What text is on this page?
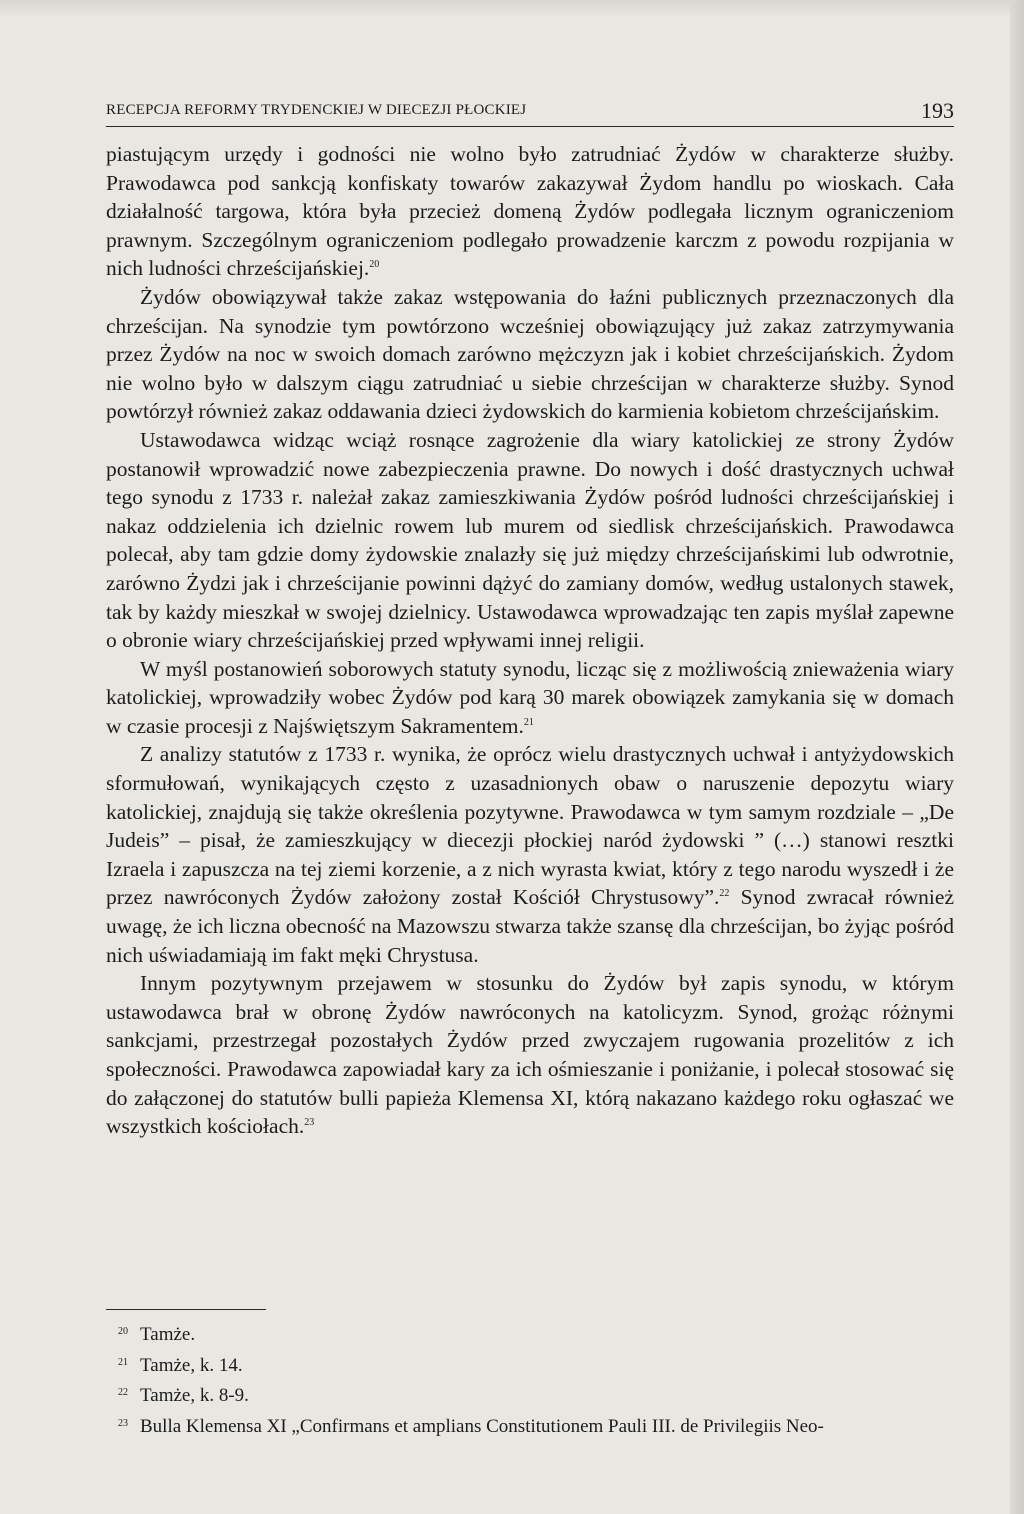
RECEPCJA REFORMY TRYDENCKIEJ W DIECEZJI PŁOCKIEJ	193

piastującym urzędy i godności nie wolno było zatrudniać Żydów w charakterze służby. Prawodawca pod sankcją konfiskaty towarów zakazywał Żydom handlu po wioskach. Cała działalność targowa, która była przecież domeną Żydów podlegała licznym ograniczeniom prawnym. Szczególnym ograniczeniom podlegało prowadzenie karczm z powodu rozpijania w nich ludności chrześcijańskiej.$^{20}$

Żydów obowiązywał także zakaz wstępowania do łaźni publicznych przeznaczonych dla chrześcijan. Na synodzie tym powtórzono wcześniej obowiązujący już zakaz zatrzymywania przez Żydów na noc w swoich domach zarówno mężczyzn jak i kobiet chrześcijańskich. Żydom nie wolno było w dalszym ciągu zatrudniać u siebie chrześcijan w charakterze służby. Synod powtórzył również zakaz oddawania dzieci żydowskich do karmienia kobietom chrześcijańskim.

Ustawodawca widząc wciąż rosnące zagrożenie dla wiary katolickiej ze strony Żydów postanowił wprowadzić nowe zabezpieczenia prawne. Do nowych i dość drastycznych uchwał tego synodu z 1733 r. należał zakaz zamieszkiwania Żydów pośród ludności chrześcijańskiej i nakaz oddzielenia ich dzielnic rowem lub murem od siedlisk chrześcijańskich. Prawodawca polecał, aby tam gdzie domy żydowskie znalazły się już między chrześcijańskimi lub odwrotnie, zarówno Żydzi jak i chrześcijanie powinni dążyć do zamiany domów, według ustalonych stawek, tak by każdy mieszkał w swojej dzielnicy. Ustawodawca wprowadzając ten zapis myślał zapewne o obronie wiary chrześcijańskiej przed wpływami innej religii.

W myśl postanowień soborowych statuty synodu, licząc się z możliwością znieważenia wiary katolickiej, wprowadziły wobec Żydów pod karą 30 marek obowiązek zamykania się w domach w czasie procesji z Najświętszym Sakramentem.$^{21}$

Z analizy statutów z 1733 r. wynika, że oprócz wielu drastycznych uchwał i antyżydowskich sformułowań, wynikających często z uzasadnionych obaw o naruszenie depozytu wiary katolickiej, znajdują się także określenia pozytywne. Prawodawca w tym samym rozdziale – „De Judeis” – pisał, że zamieszkujący w diecezji płockiej naród żydowski ” (…) stanowi resztki Izraela i zapuszcza na tej ziemi korzenie, a z nich wyrasta kwiat, który z tego narodu wyszedł i że przez nawróconych Żydów założony został Kościół Chrystusowy”.$^{22}$ Synod zwracał również uwagę, że ich liczna obecność na Mazowszu stwarza także szansę dla chrześcijan, bo żyjąc pośród nich uświadamiają im fakt męki Chrystusa.

Innym pozytywnym przejawem w stosunku do Żydów był zapis synodu, w którym ustawodawca brał w obronę Żydów nawróconych na katolicyzm. Synod, grożąc różnymi sankcjami, przestrzegał pozostałych Żydów przed zwyczajem rugowania prozelitów z ich społeczności. Prawodawca zapowiadał kary za ich ośmieszanie i poniżanie, i polecał stosować się do załączonej do statutów bulli papieża Klemensa XI, którą nakazano każdego roku ogłaszać we wszystkich kościołach.$^{23}$

20 Tamże.
21 Tamże, k. 14.
22 Tamże, k. 8-9.
23 Bulla Klemensa XI „Confirmans et amplians Constitutionem Pauli III. de Privilegiis Neo-
